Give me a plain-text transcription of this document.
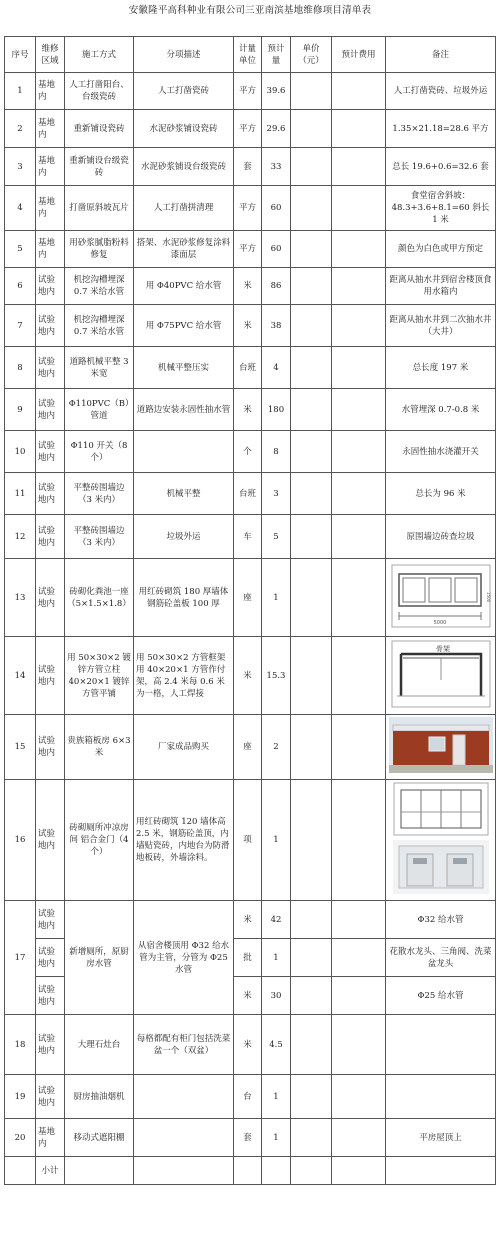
安徽隆平高科种业有限公司三亚南滨基地维修项目清单表
序号	维修区域	施工方式	分项描述	计量单位	预计量	单价（元）	预计费用	备注
1	基地内	人工打凿阳台、台级瓷砖	人工打凿瓷砖	平方	39.6			人工打凿瓷砖、垃圾外运
2	基地内	重新铺设瓷砖	水泥砂浆铺设瓷砖	平方	29.6			1.35×21.18=28.6 平方
3	基地内	重新铺设台级瓷砖	水泥砂浆铺设台级瓷砖	套	33			总长 19.6+0.6=32.6 套
4	基地内	打凿原斜坡瓦片	人工打凿拼清理	平方	60			食堂宿舍斜坡：48.3+3.6+8.1=60 斜长 1 米
5	基地内	用砂浆腻脂粉料修复	搭架、水泥砂浆修复涂料漆面层	平方	60			颜色为白色或甲方预定
6	试验地内	机挖沟槽埋深 0.7 米给水管	用 Φ40PVC 给水管	米	86			距离从抽水井到宿舍楼顶食用水箱内
7	试验地内	机挖沟槽埋深 0.7 米给水管	用 Φ75PVC 给水管	米	38			距离从抽水井到二次抽水井（大井）
8	试验地内	道路机械平整 3 米宽	机械平整压实	台班	4			总长度 197 米
9	试验地内	Φ110PVC（B）管道	道路边安装永固性抽水管	米	180			水管埋深 0.7-0.8 米
10	试验地内	Φ110 开关（8 个）		个	8			永固性抽水浇灌开关
11	试验地内	平整砖围墙边（3 米内）	机械平整	台班	3			总长为 96 米
12	试验地内	平整砖围墙边（3 米内）	垃圾外运	车	5			原围墙边砖查垃圾
13	试验地内	砖砌化粪池一座（5×1.5×1.8）	用红砖砌筑 180 厚墙体钢筋砼盖板 100 厚	座	1			5000
1500

14	试验地内	用 50×30×2 镀锌方管立柱 40×20×1 镀锌方管平铺	用 50×30×2 方管框架用 40×20×1 方管作付架，高 2.4 米每 0.6 米为一格，人工焊接	米	15.3			骨架

15	试验地内	贵族箱板房 6×3 米	厂家成品购买	座	2			
16	试验地内	砖砌厕所冲凉房间 铝合金门（4 个）	用红砖砌筑 120 墙体高 2.5 米，钢筋砼盖顶，内墙贴瓷砖，内地台为防滑地板砖，外墙涂料。	项	1			
17	试验地内	新增厕所，原厨房水管	从宿舍楼顶用 Φ32 给水管为主管，分管为 Φ25 水管	米	42			Φ32 给水管
	试验地内			批	1			花散水龙头、三角阀、洗菜盆龙头
	试验地内			米	30			Φ25 给水管
18	试验地内	大理石灶台	每格都配有柜门包括洗菜盆一个（双盆）	米	4.5			
19	试验地内	厨房抽油烟机		台	1			
20	基地内	移动式遮阳棚		套	1			平房屋顶上
	小计							
